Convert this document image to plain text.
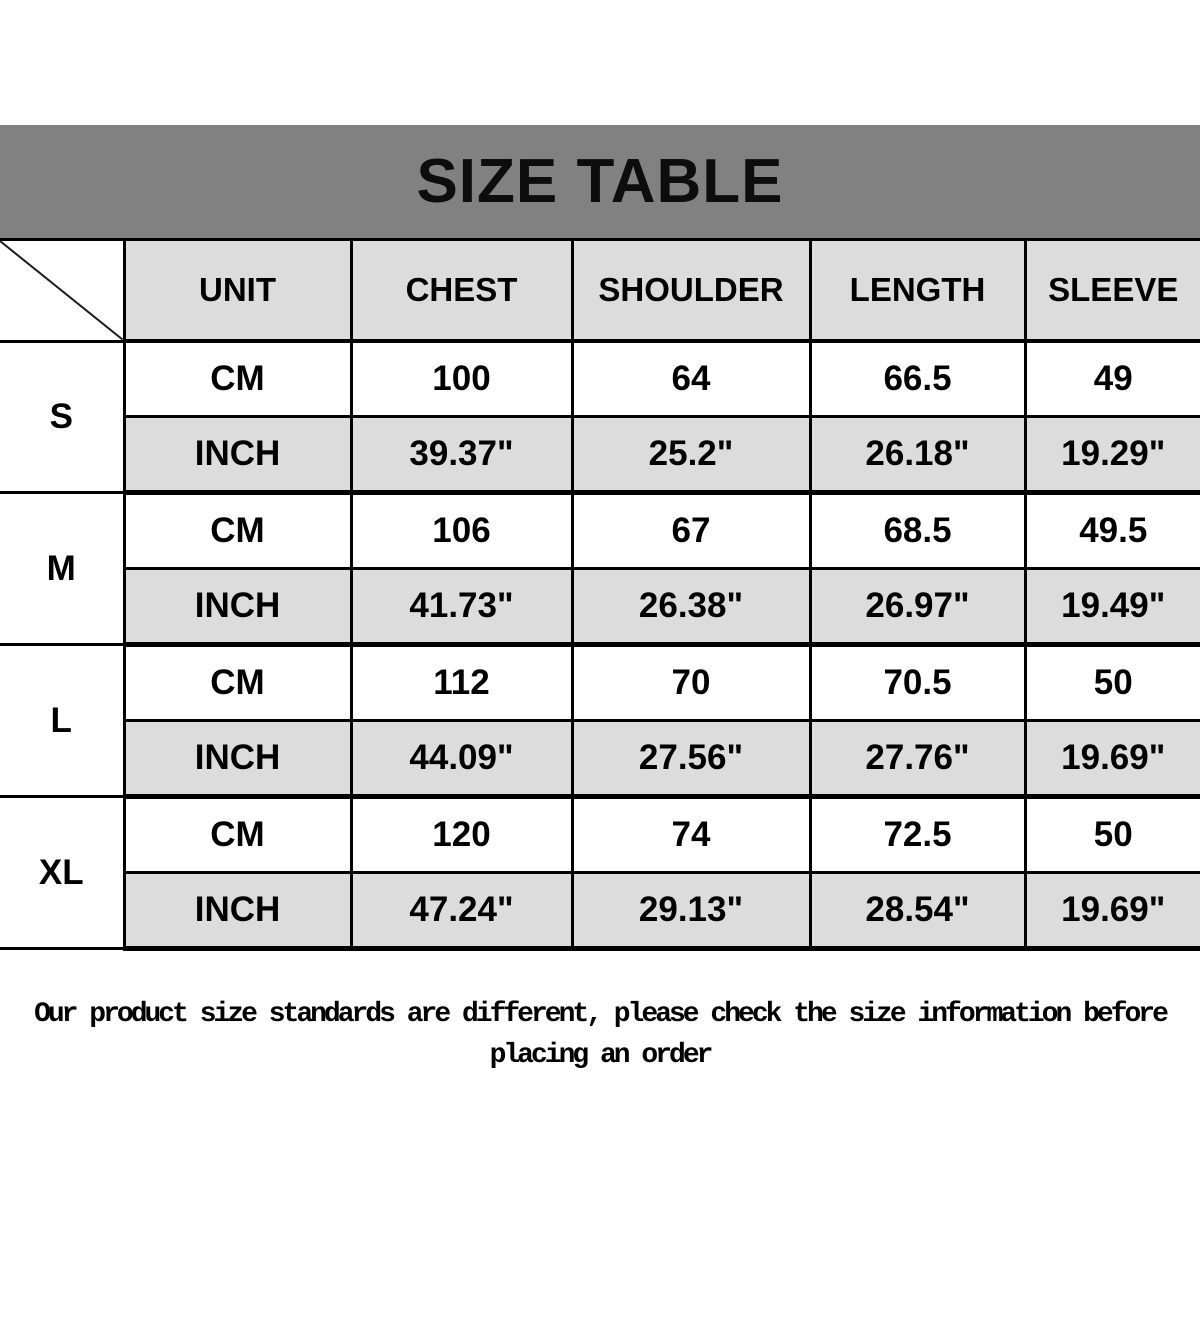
SIZE TABLE
	UNIT	CHEST	SHOULDER	LENGTH	SLEEVE
S	CM	100	64	66.5	49
	INCH	39.37"	25.2"	26.18"	19.29"
M	CM	106	67	68.5	49.5
	INCH	41.73"	26.38"	26.97"	19.49"
L	CM	112	70	70.5	50
	INCH	44.09"	27.56"	27.76"	19.69"
XL	CM	120	74	72.5	50
	INCH	47.24"	29.13"	28.54"	19.69"
Our product size standards are different, please check the size information before
placing an order
